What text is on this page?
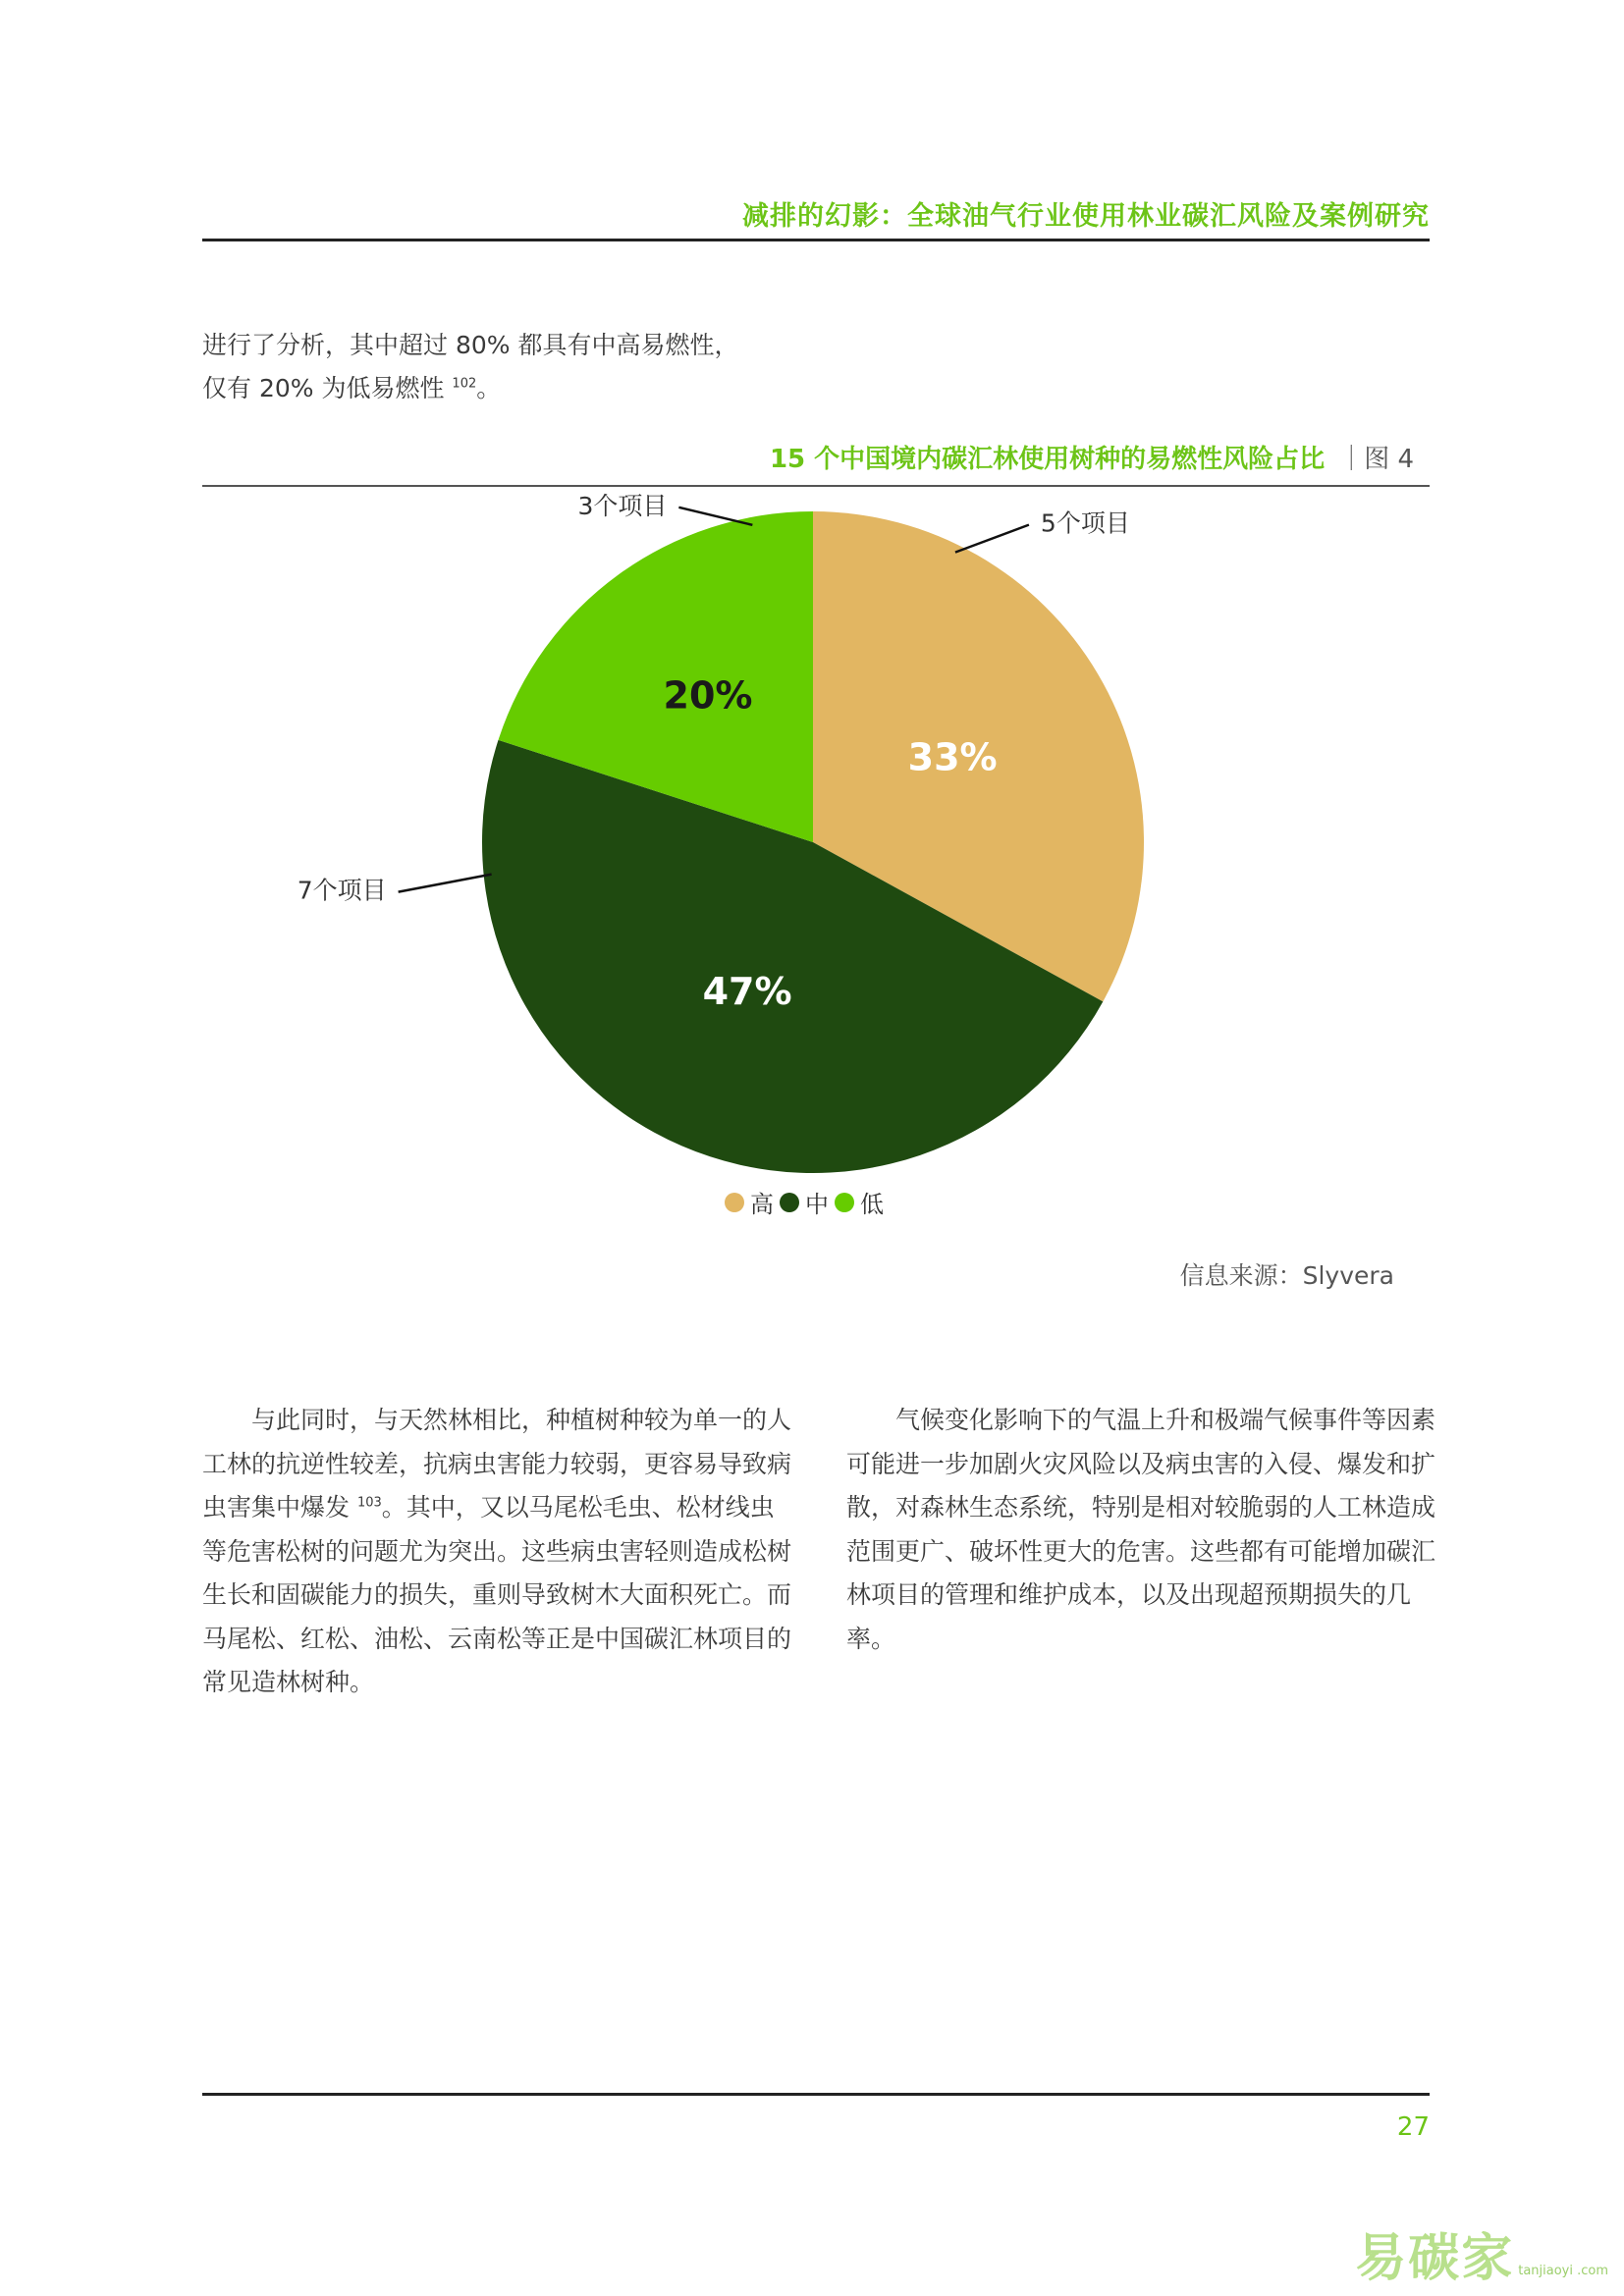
减排的幻影：全球油气行业使用林业碳汇风险及案例研究
进行了分析，其中超过 80% 都具有中高易燃性，
仅有 20% 为低易燃性 $^{102}$。
15 个中国境内碳汇林使用树种的易燃性风险占比 ｜图 4
33%
5个项目
47%
7个项目
20%
3个项目
高 中 低
信息来源：Slyvera

与此同时，与天然林相比，种植树种较为单一的人工林的抗逆性较差，抗病虫害能力较弱，更容易导致病虫害集中爆发 $^{103}$。其中，又以马尾松毛虫、松材线虫等危害松树的问题尤为突出。这些病虫害轻则造成松树生长和固碳能力的损失，重则导致树木大面积死亡。而马尾松、红松、油松、云南松等正是中国碳汇林项目的常见造林树种。

气候变化影响下的气温上升和极端气候事件等因素可能进一步加剧火灾风险以及病虫害的入侵、爆发和扩散，对森林生态系统，特别是相对较脆弱的人工林造成范围更广、破坏性更大的危害。这些都有可能增加碳汇林项目的管理和维护成本，以及出现超预期损失的几率。

27
易碳家 tanjiaoyi .com
